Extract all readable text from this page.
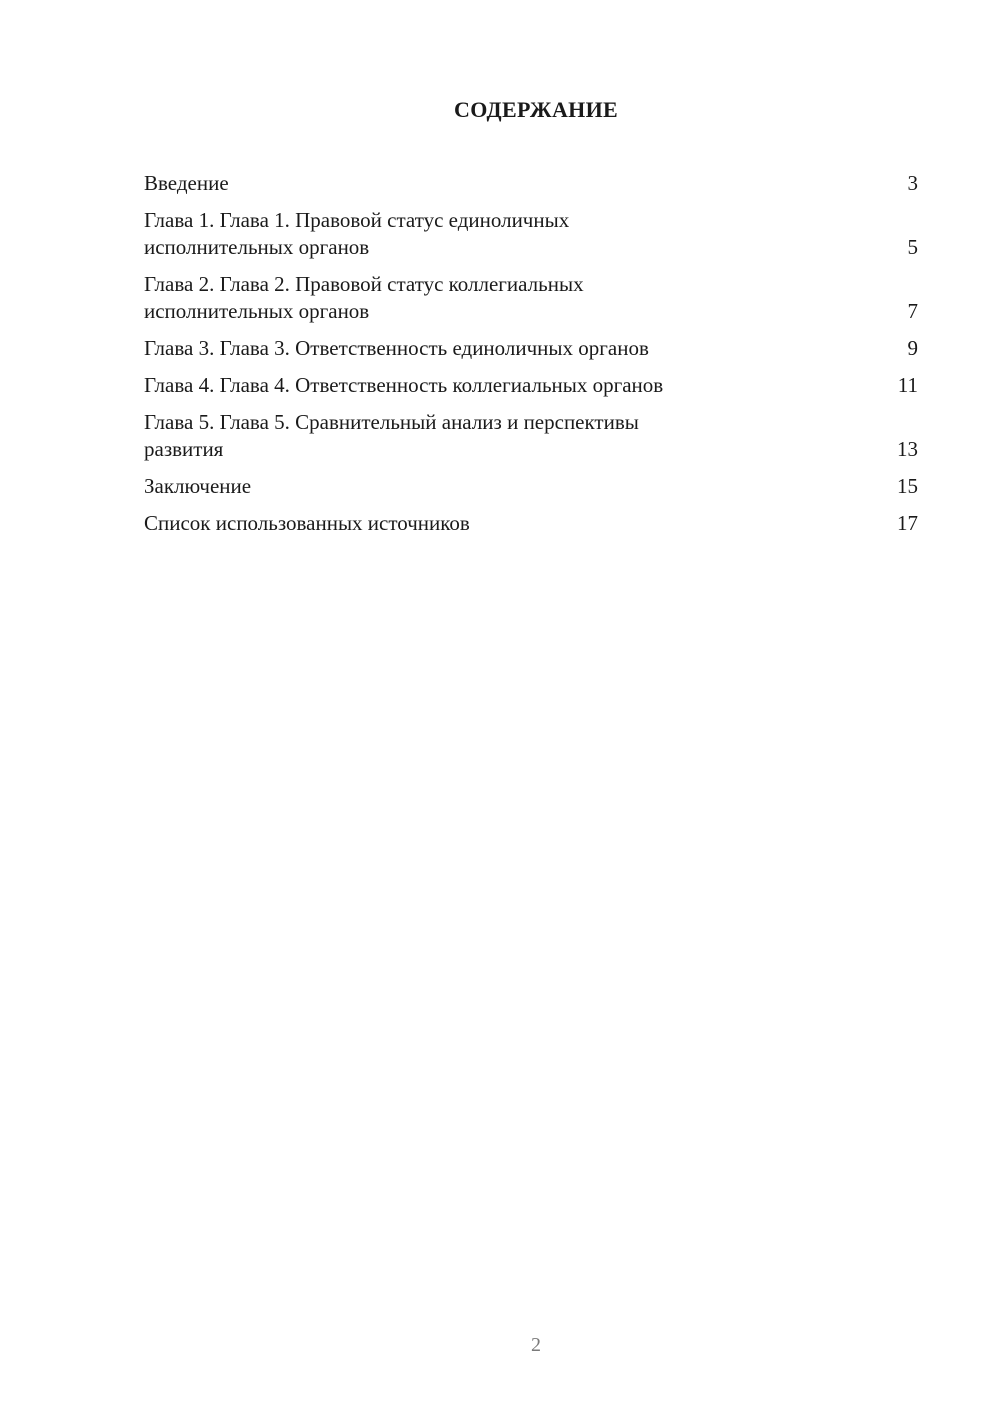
СОДЕРЖАНИЕ
Введение	3
Глава 1. Глава 1. Правовой статус единоличных
исполнительных органов	5
Глава 2. Глава 2. Правовой статус коллегиальных
исполнительных органов	7
Глава 3. Глава 3. Ответственность единоличных органов	9
Глава 4. Глава 4. Ответственность коллегиальных органов	11
Глава 5. Глава 5. Сравнительный анализ и перспективы
развития	13
Заключение	15
Список использованных источников	17
2
